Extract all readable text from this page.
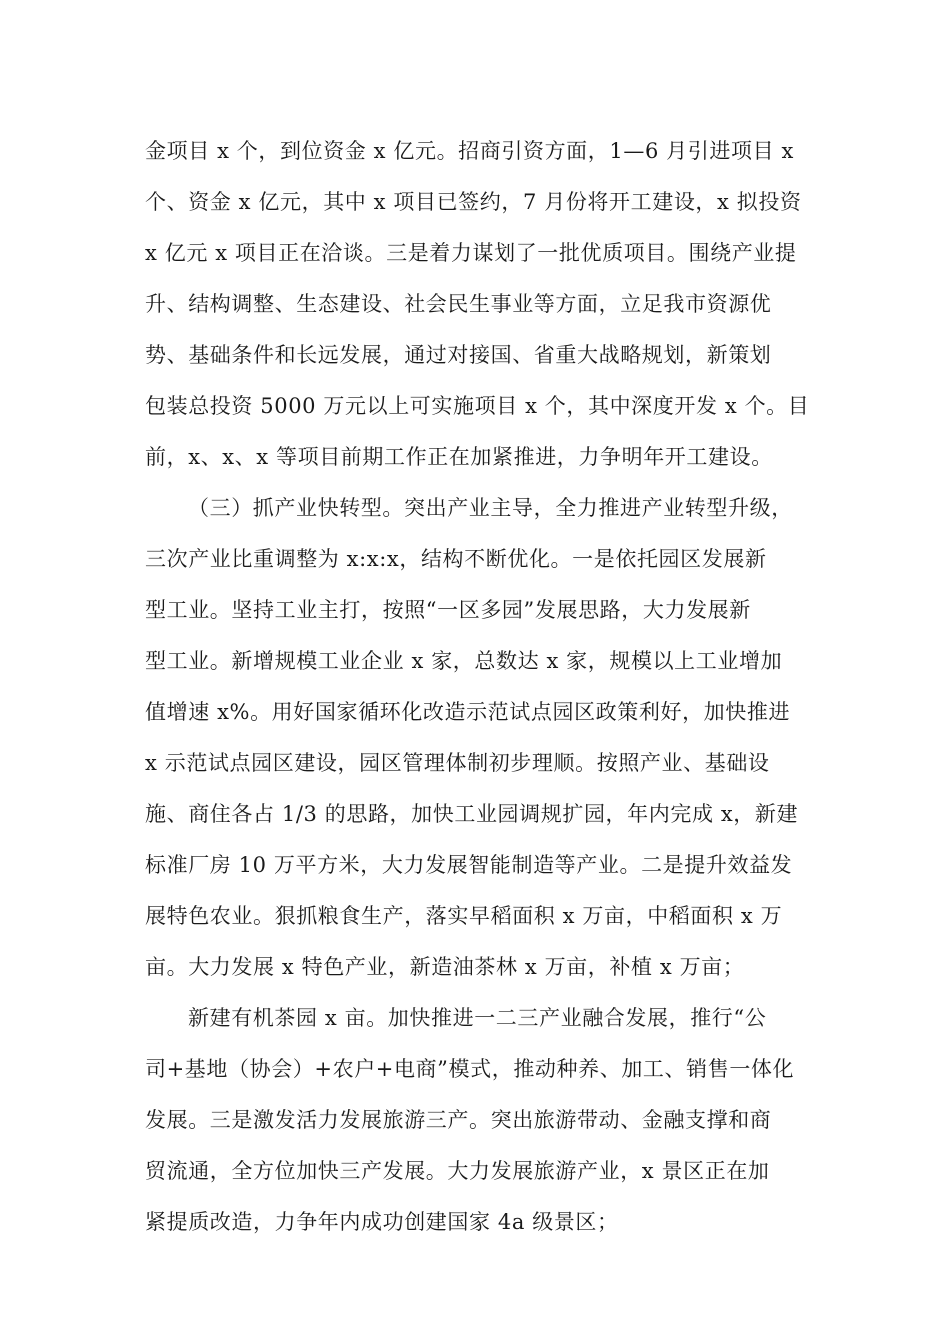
金项目 x 个，到位资金 x 亿元。招商引资方面，1—6 月引进项目 x
个、资金 x 亿元，其中 x 项目已签约，7 月份将开工建设，x 拟投资
x 亿元 x 项目正在洽谈。三是着力谋划了一批优质项目。围绕产业提
升、结构调整、生态建设、社会民生事业等方面，立足我市资源优
势、基础条件和长远发展，通过对接国、省重大战略规划，新策划
包装总投资 5000 万元以上可实施项目 x 个，其中深度开发 x 个。目
前，x、x、x 等项目前期工作正在加紧推进，力争明年开工建设。
（三）抓产业快转型。突出产业主导，全力推进产业转型升级，
三次产业比重调整为 x:x:x，结构不断优化。一是依托园区发展新
型工业。坚持工业主打，按照“一区多园”发展思路，大力发展新
型工业。新增规模工业企业 x 家，总数达 x 家，规模以上工业增加
值增速 x%。用好国家循环化改造示范试点园区政策利好，加快推进
x 示范试点园区建设，园区管理体制初步理顺。按照产业、基础设
施、商住各占 1/3 的思路，加快工业园调规扩园，年内完成 x，新建
标准厂房 10 万平方米，大力发展智能制造等产业。二是提升效益发
展特色农业。狠抓粮食生产，落实早稻面积 x 万亩，中稻面积 x 万
亩。大力发展 x 特色产业，新造油茶林 x 万亩，补植 x 万亩；
新建有机茶园 x 亩。加快推进一二三产业融合发展，推行“公
司+基地（协会）+农户+电商”模式，推动种养、加工、销售一体化
发展。三是激发活力发展旅游三产。突出旅游带动、金融支撑和商
贸流通，全方位加快三产发展。大力发展旅游产业，x 景区正在加
紧提质改造，力争年内成功创建国家 4a 级景区；
